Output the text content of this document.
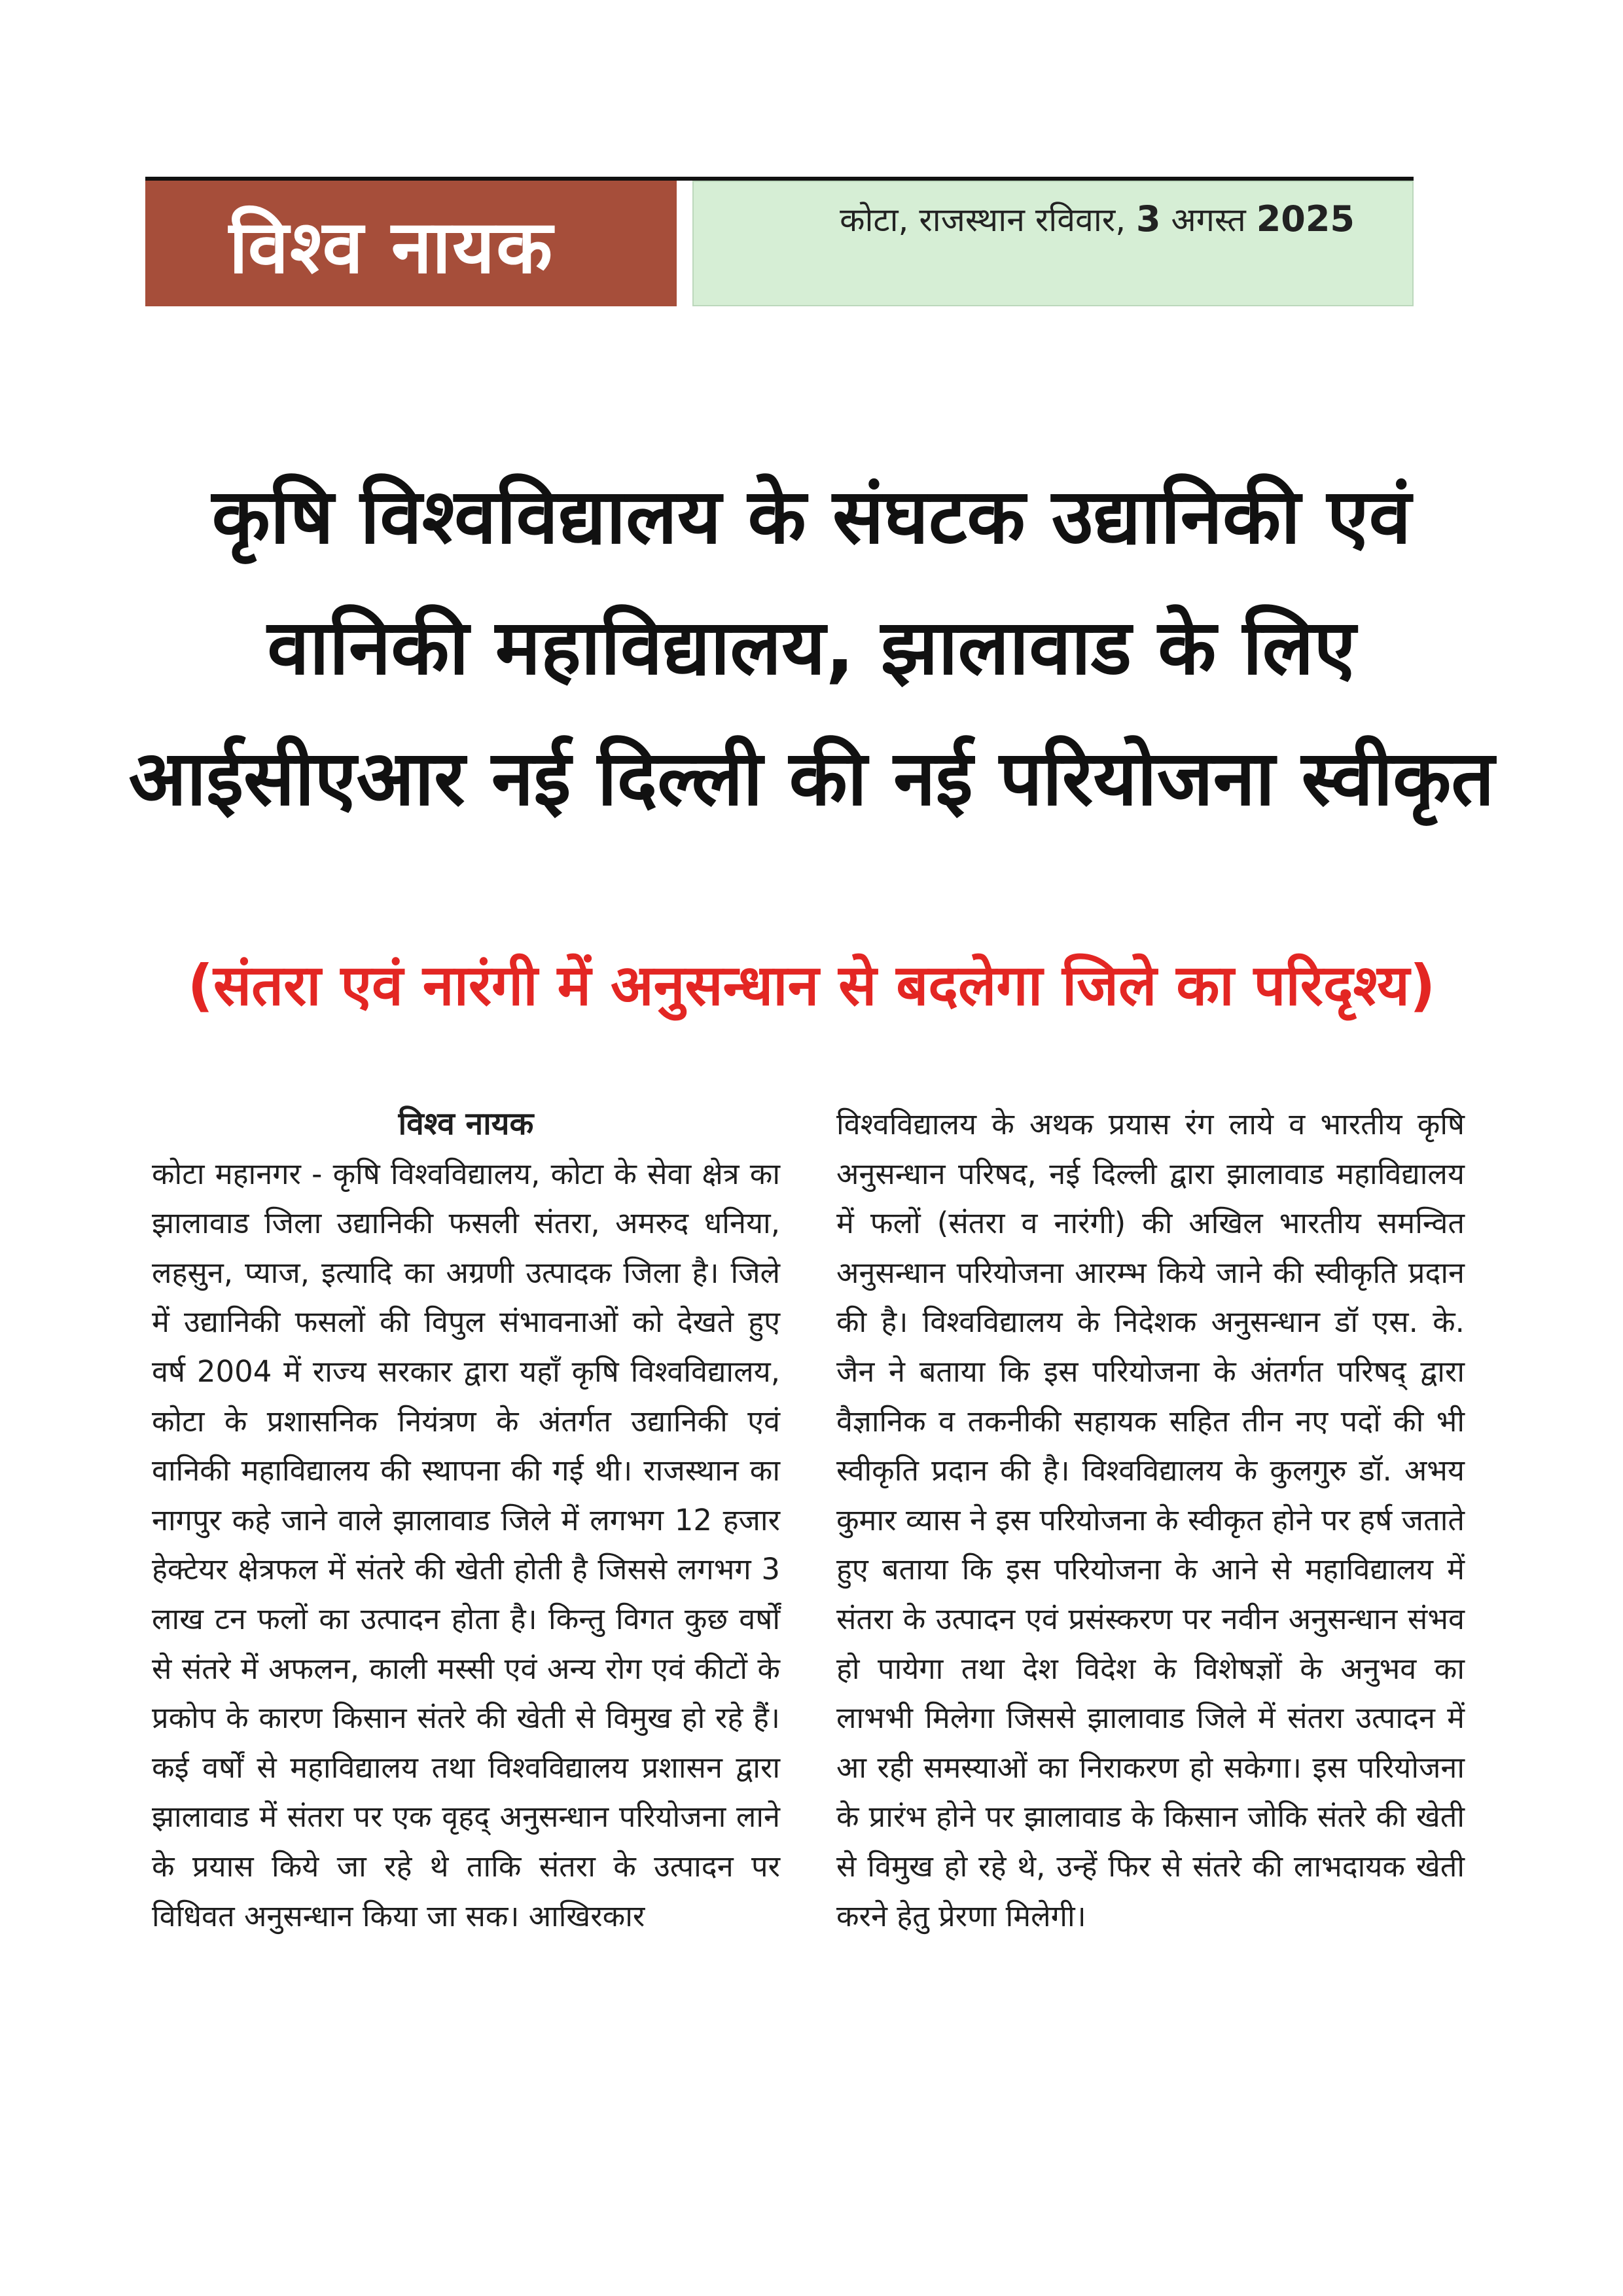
विश्व नायक	कोटा, राजस्थान रविवार, 3 अगस्त 2025
कृषि विश्वविद्यालय के संघटक उद्यानिकी एवं
वानिकी महाविद्यालय, झालावाड के लिए
आईसीएआर नई दिल्ली की नई परियोजना स्वीकृत
(संतरा एवं नारंगी में अनुसन्धान से बदलेगा जिले का परिदृश्य)

विश्व नायक

कोटा महानगर - कृषि विश्वविद्यालय, कोटा के सेवा क्षेत्र का झालावाड जिला उद्यानिकी फसली संतरा, अमरुद धनिया, लहसुन, प्याज, इत्यादि का अग्रणी उत्पादक जिला है। जिले में उद्यानिकी फसलों की विपुल संभावनाओं को देखते हुए वर्ष 2004 में राज्य सरकार द्वारा यहाँ कृषि विश्वविद्यालय, कोटा के प्रशासनिक नियंत्रण के अंतर्गत उद्यानिकी एवं वानिकी महाविद्यालय की स्थापना की गई थी। राजस्थान का नागपुर कहे जाने वाले झालावाड जिले में लगभग 12 हजार हेक्टेयर क्षेत्रफल में संतरे की खेती होती है जिससे लगभग 3 लाख टन फलों का उत्पादन होता है। किन्तु विगत कुछ वर्षों से संतरे में अफलन, काली मस्सी एवं अन्य रोग एवं कीटों के प्रकोप के कारण किसान संतरे की खेती से विमुख हो रहे हैं। कई वर्षों से महाविद्यालय तथा विश्वविद्यालय प्रशासन द्वारा झालावाड में संतरा पर एक वृहद् अनुसन्धान परियोजना लाने के प्रयास किये जा रहे थे ताकि संतरा के उत्पादन पर विधिवत अनुसन्धान किया जा सक। आखिरकार

विश्वविद्यालय के अथक प्रयास रंग लाये व भारतीय कृषि अनुसन्धान परिषद, नई दिल्ली द्वारा झालावाड महाविद्यालय में फलों (संतरा व नारंगी) की अखिल भारतीय समन्वित अनुसन्धान परियोजना आरम्भ किये जाने की स्वीकृति प्रदान की है। विश्वविद्यालय के निदेशक अनुसन्धान डॉ एस. के. जैन ने बताया कि इस परियोजना के अंतर्गत परिषद् द्वारा वैज्ञानिक व तकनीकी सहायक सहित तीन नए पदों की भी स्वीकृति प्रदान की है। विश्वविद्यालय के कुलगुरु डॉ. अभय कुमार व्यास ने इस परियोजना के स्वीकृत होने पर हर्ष जताते हुए बताया कि इस परियोजना के आने से महाविद्यालय में संतरा के उत्पादन एवं प्रसंस्करण पर नवीन अनुसन्धान संभव हो पायेगा तथा देश विदेश के विशेषज्ञों के अनुभव का लाभभी मिलेगा जिससे झालावाड जिले में संतरा उत्पादन में आ रही समस्याओं का निराकरण हो सकेगा। इस परियोजना के प्रारंभ होने पर झालावाड के किसान जोकि संतरे की खेती से विमुख हो रहे थे, उन्हें फिर से संतरे की लाभदायक खेती करने हेतु प्रेरणा मिलेगी।
